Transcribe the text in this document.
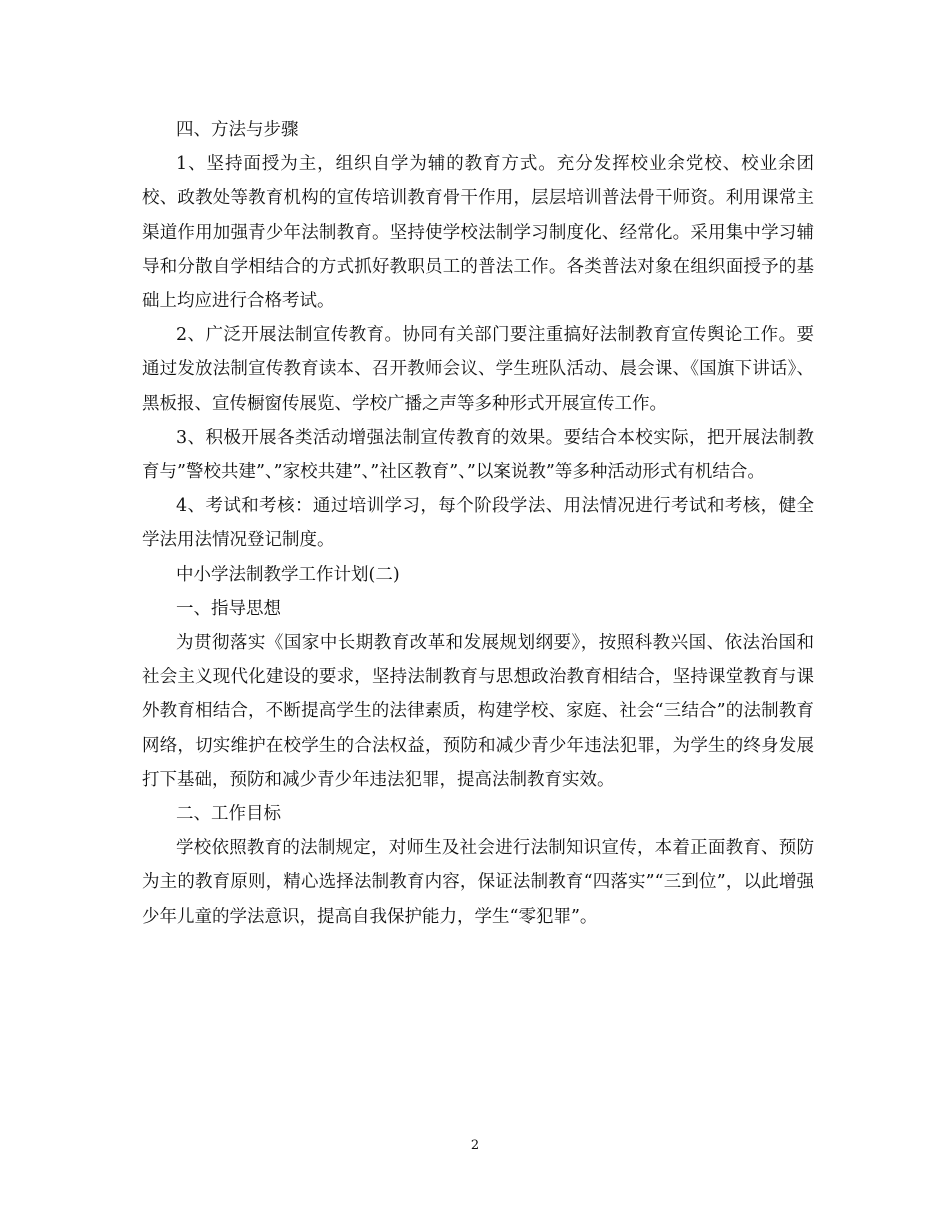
四、方法与步骤

1、坚持面授为主，组织自学为辅的教育方式。充分发挥校业余党校、校业余团校、政教处等教育机构的宣传培训教育骨干作用，层层培训普法骨干师资。利用课常主渠道作用加强青少年法制教育。坚持使学校法制学习制度化、经常化。采用集中学习辅导和分散自学相结合的方式抓好教职员工的普法工作。各类普法对象在组织面授予的基础上均应进行合格考试。

2、广泛开展法制宣传教育。协同有关部门要注重搞好法制教育宣传舆论工作。要通过发放法制宣传教育读本、召开教师会议、学生班队活动、晨会课、《国旗下讲话》、黑板报、宣传橱窗传展览、学校广播之声等多种形式开展宣传工作。

3、积极开展各类活动增强法制宣传教育的效果。要结合本校实际，把开展法制教育与”警校共建”、”家校共建”、”社区教育”、”以案说教”等多种活动形式有机结合。

4、考试和考核：通过培训学习，每个阶段学法、用法情况进行考试和考核，健全学法用法情况登记制度。

中小学法制教学工作计划(二)

一、指导思想

为贯彻落实《国家中长期教育改革和发展规划纲要》，按照科教兴国、依法治国和社会主义现代化建设的要求，坚持法制教育与思想政治教育相结合，坚持课堂教育与课外教育相结合，不断提高学生的法律素质，构建学校、家庭、社会“三结合”的法制教育网络，切实维护在校学生的合法权益，预防和减少青少年违法犯罪，为学生的终身发展打下基础，预防和减少青少年违法犯罪，提高法制教育实效。

二、工作目标

学校依照教育的法制规定，对师生及社会进行法制知识宣传，本着正面教育、预防为主的教育原则，精心选择法制教育内容，保证法制教育“四落实”“三到位”，以此增强少年儿童的学法意识，提高自我保护能力，学生“零犯罪”。

2
